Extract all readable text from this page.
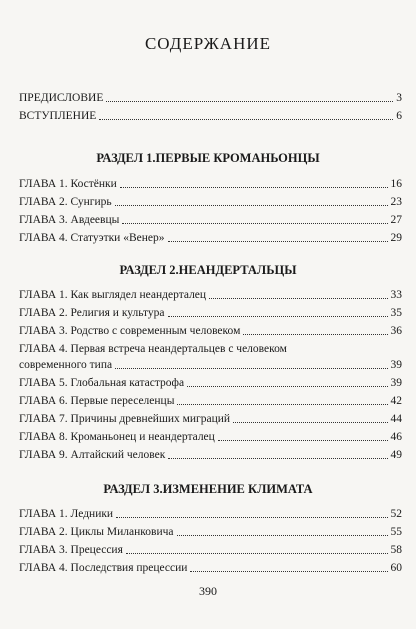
СОДЕРЖАНИЕ
ПРЕДИСЛОВИЕ	3
ВСТУПЛЕНИЕ	6
РАЗДЕЛ 1.ПЕРВЫЕ КРОМАНЬОНЦЫ
ГЛАВА 1. Костёнки	16
ГЛАВА 2. Сунгирь	23
ГЛАВА 3. Авдеевцы	27
ГЛАВА 4. Статуэтки «Венер»	29
РАЗДЕЛ 2.НЕАНДЕРТАЛЬЦЫ
ГЛАВА 1. Как выглядел неандерталец	33
ГЛАВА 2. Религия и культура	35
ГЛАВА 3. Родство с современным человеком	36
ГЛАВА 4. Первая встреча неандертальцев с человеком
современного типа	39
ГЛАВА 5. Глобальная катастрофа	39
ГЛАВА 6. Первые переселенцы	42
ГЛАВА 7. Причины древнейших миграций	44
ГЛАВА 8. Кроманьонец и неандерталец	46
ГЛАВА 9. Алтайский человек	49
РАЗДЕЛ 3.ИЗМЕНЕНИЕ КЛИМАТА
ГЛАВА 1. Ледники	52
ГЛАВА 2. Циклы Миланковича	55
ГЛАВА 3. Прецессия	58
ГЛАВА 4. Последствия прецессии	60
390
